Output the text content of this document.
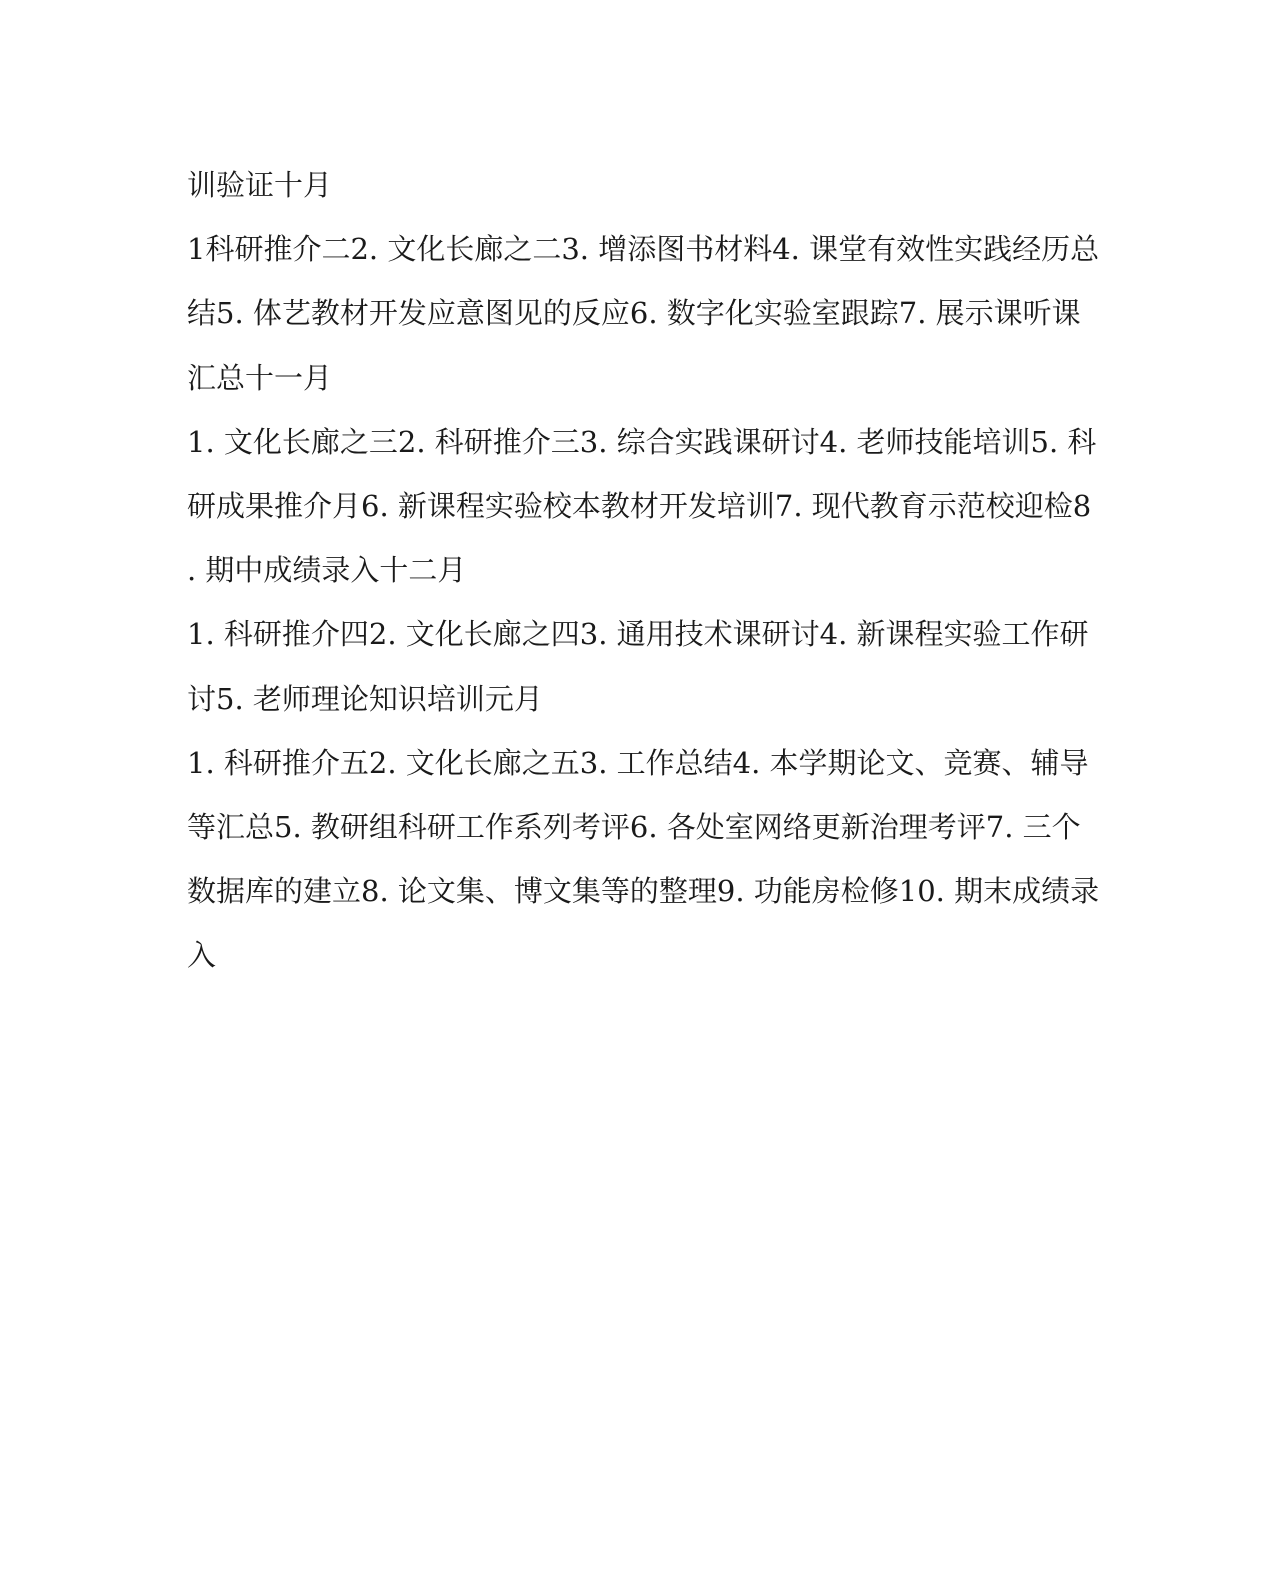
训验证十月
1科研推介二2. 文化长廊之二3. 增添图书材料4. 课堂有效性实践经历总
结5. 体艺教材开发应意图见的反应6. 数字化实验室跟踪7. 展示课听课
汇总十一月
1. 文化长廊之三2. 科研推介三3. 综合实践课研讨4. 老师技能培训5. 科
研成果推介月6. 新课程实验校本教材开发培训7. 现代教育示范校迎检8
. 期中成绩录入十二月
1. 科研推介四2. 文化长廊之四3. 通用技术课研讨4. 新课程实验工作研
讨5. 老师理论知识培训元月
1. 科研推介五2. 文化长廊之五3. 工作总结4. 本学期论文、竞赛、辅导
等汇总5. 教研组科研工作系列考评6. 各处室网络更新治理考评7. 三个
数据库的建立8. 论文集、博文集等的整理9. 功能房检修10. 期末成绩录
入
